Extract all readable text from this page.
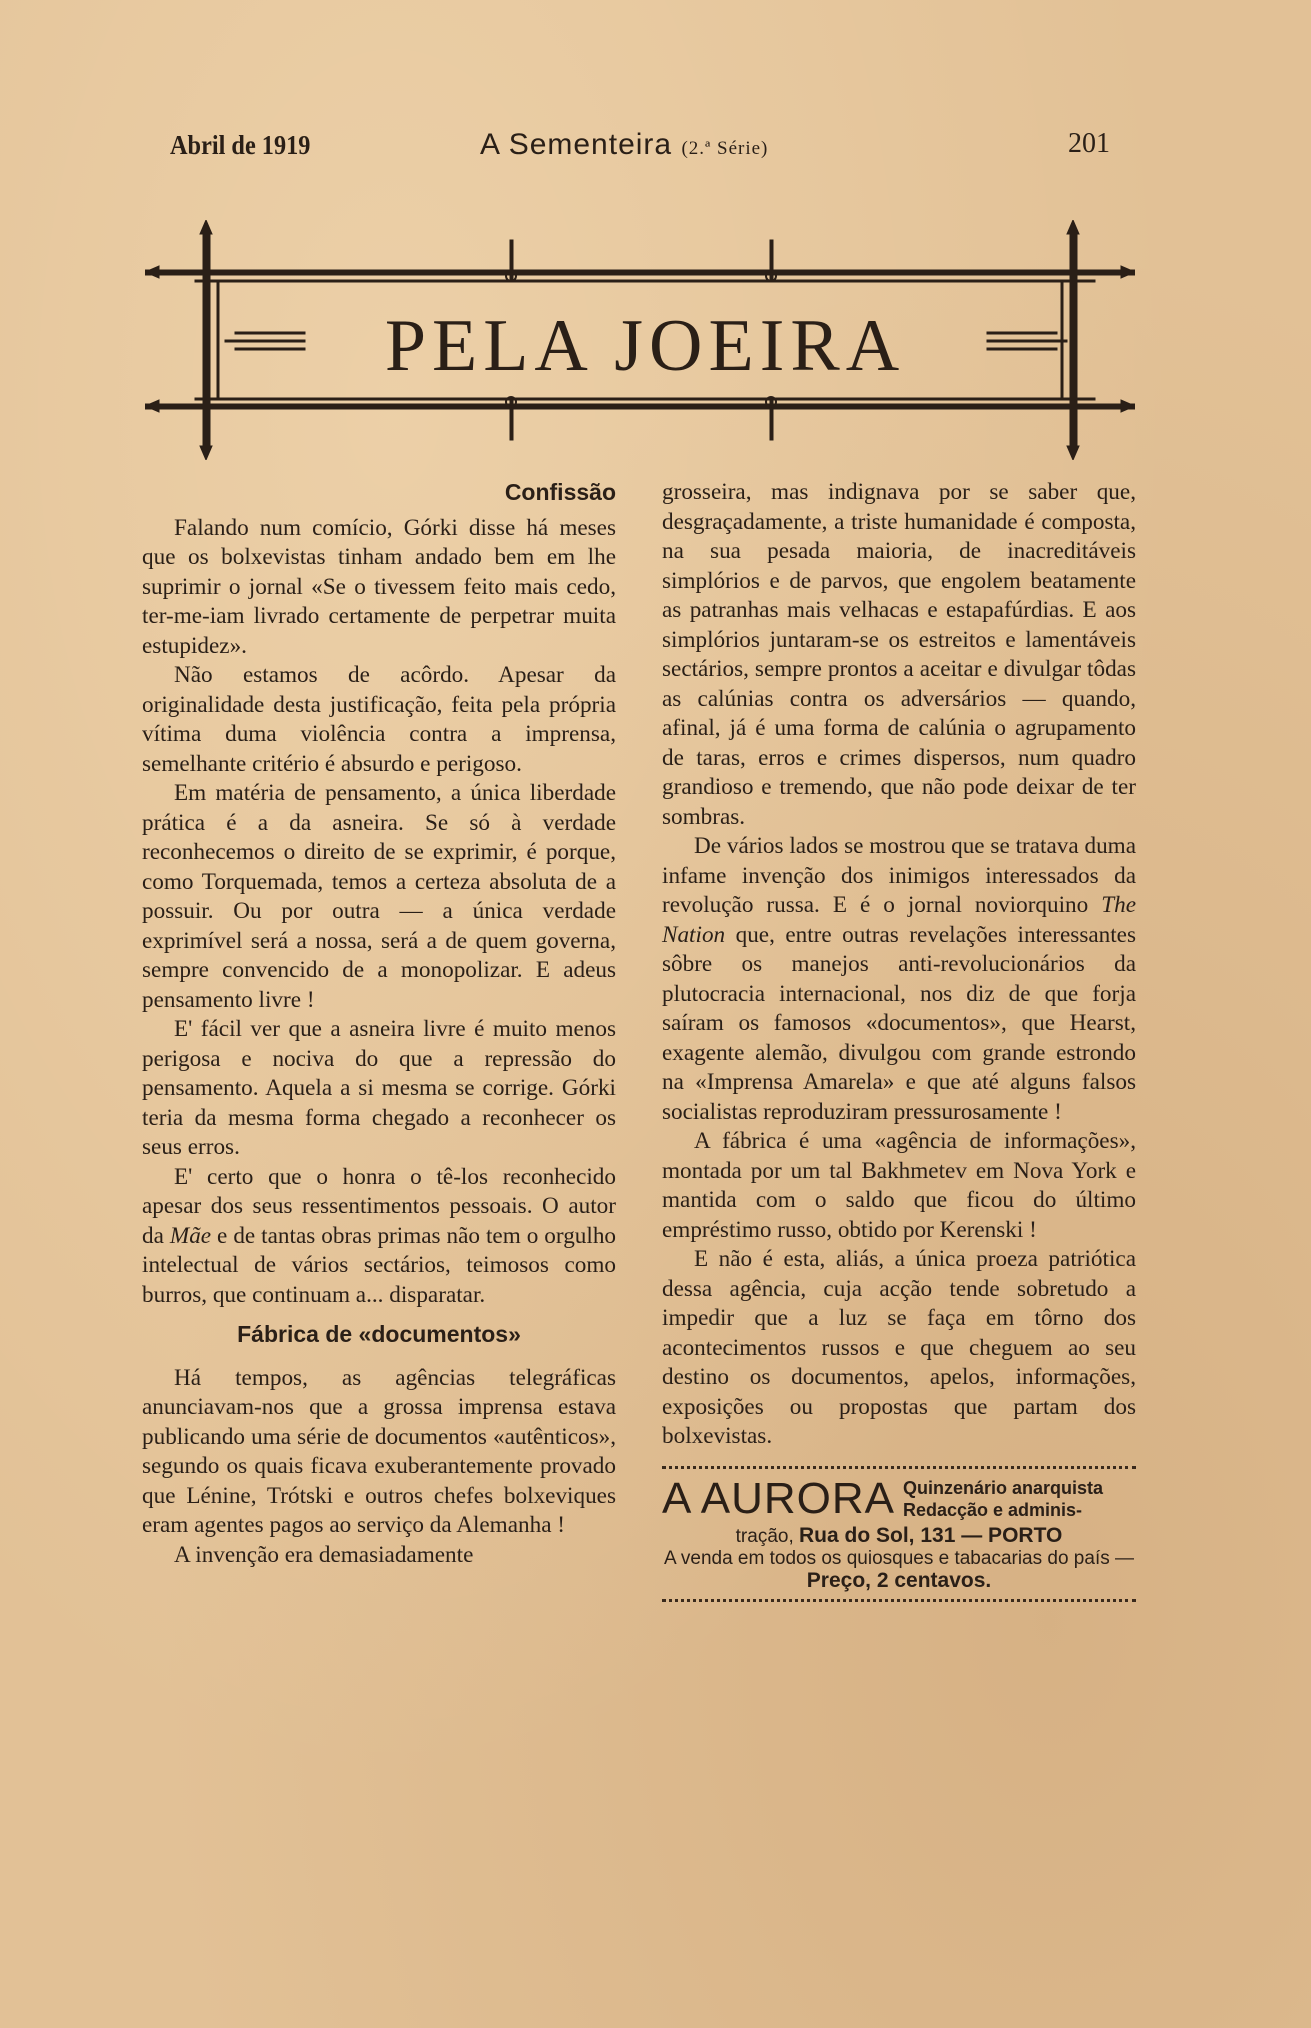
Abril de 1919	A Sementeira (2.ª Série)	201
PELA JOEIRA
Confissão

Falando num comício, Górki disse há meses que os bolxevistas tinham andado bem em lhe suprimir o jornal «Se o tivessem feito mais cedo, ter-me-iam livrado certamente de perpetrar muita estupidez».

Não estamos de acôrdo. Apesar da originalidade desta justificação, feita pela própria vítima duma violência contra a imprensa, semelhante critério é absurdo e perigoso.

Em matéria de pensamento, a única liberdade prática é a da asneira. Se só à verdade reconhecemos o direito de se exprimir, é porque, como Torquemada, temos a certeza absoluta de a possuir. Ou por outra — a única verdade exprimível será a nossa, será a de quem governa, sempre convencido de a monopolizar. E adeus pensamento livre !

E' fácil ver que a asneira livre é muito menos perigosa e nociva do que a repressão do pensamento. Aquela a si mesma se corrige. Górki teria da mesma forma chegado a reconhecer os seus erros.

E' certo que o honra o tê-los reconhecido apesar dos seus ressentimentos pessoais. O autor da Mãe e de tantas obras primas não tem o orgulho intelectual de vários sectários, teimosos como burros, que continuam a... disparatar.

Fábrica de «documentos»

Há tempos, as agências telegráficas anunciavam-nos que a grossa imprensa estava publicando uma série de documentos «autênticos», segundo os quais ficava exuberantemente provado que Lénine, Trótski e outros chefes bolxeviques eram agentes pagos ao serviço da Alemanha !

A invenção era demasiadamente

grosseira, mas indignava por se saber que, desgraçadamente, a triste humanidade é composta, na sua pesada maioria, de inacreditáveis simplórios e de parvos, que engolem beatamente as patranhas mais velhacas e estapafúrdias. E aos simplórios juntaram-se os estreitos e lamentáveis sectários, sempre prontos a aceitar e divulgar tôdas as calúnias contra os adversários — quando, afinal, já é uma forma de calúnia o agrupamento de taras, erros e crimes dispersos, num quadro grandioso e tremendo, que não pode deixar de ter sombras.

De vários lados se mostrou que se tratava duma infame invenção dos inimigos interessados da revolução russa. E é o jornal noviorquino The Nation que, entre outras revelações interessantes sôbre os manejos anti-revolucionários da plutocracia internacional, nos diz de que forja saíram os famosos «documentos», que Hearst, exagente alemão, divulgou com grande estrondo na «Imprensa Amarela» e que até alguns falsos socialistas reproduziram pressurosamente !

A fábrica é uma «agência de informações», montada por um tal Bakhmetev em Nova York e mantida com o saldo que ficou do último empréstimo russo, obtido por Kerenski !

E não é esta, aliás, a única proeza patriótica dessa agência, cuja acção tende sobretudo a impedir que a luz se faça em tôrno dos acontecimentos russos e que cheguem ao seu destino os documentos, apelos, informações, exposições ou propostas que partam dos bolxevistas.

A AURORA Quinzenário anarquista
Redacção e adminis-
tração, Rua do Sol, 131 — PORTO
A venda em todos os quiosques e tabacarias do país — Preço, 2 centavos.
